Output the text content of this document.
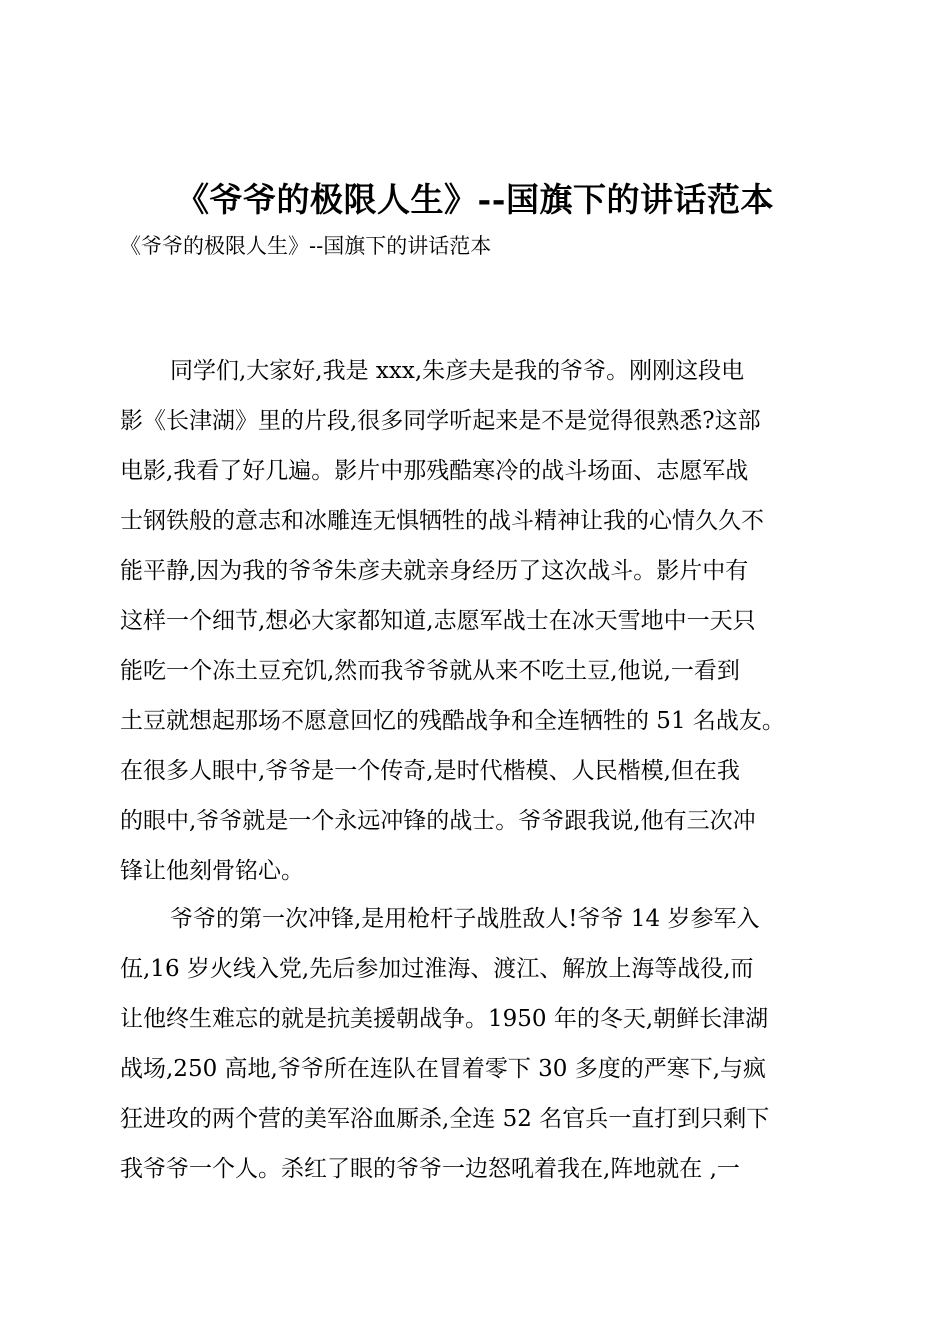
《爷爷的极限人生》--国旗下的讲话范本
《爷爷的极限人生》--国旗下的讲话范本
同学们,大家好,我是 xxx,朱彦夫是我的爷爷。刚刚这段电
影《长津湖》里的片段,很多同学听起来是不是觉得很熟悉?这部
电影,我看了好几遍。影片中那残酷寒冷的战斗场面、志愿军战
士钢铁般的意志和冰雕连无惧牺牲的战斗精神让我的心情久久不
能平静,因为我的爷爷朱彦夫就亲身经历了这次战斗。影片中有
这样一个细节,想必大家都知道,志愿军战士在冰天雪地中一天只
能吃一个冻土豆充饥,然而我爷爷就从来不吃土豆,他说,一看到
土豆就想起那场不愿意回忆的残酷战争和全连牺牲的 51 名战友。
在很多人眼中,爷爷是一个传奇,是时代楷模、人民楷模,但在我
的眼中,爷爷就是一个永远冲锋的战士。爷爷跟我说,他有三次冲
锋让他刻骨铭心。
爷爷的第一次冲锋,是用枪杆子战胜敌人!爷爷 14 岁参军入
伍,16 岁火线入党,先后参加过淮海、渡江、解放上海等战役,而
让他终生难忘的就是抗美援朝战争。1950 年的冬天,朝鲜长津湖
战场,250 高地,爷爷所在连队在冒着零下 30 多度的严寒下,与疯
狂进攻的两个营的美军浴血厮杀,全连 52 名官兵一直打到只剩下
我爷爷一个人。杀红了眼的爷爷一边怒吼着我在,阵地就在 ,一
